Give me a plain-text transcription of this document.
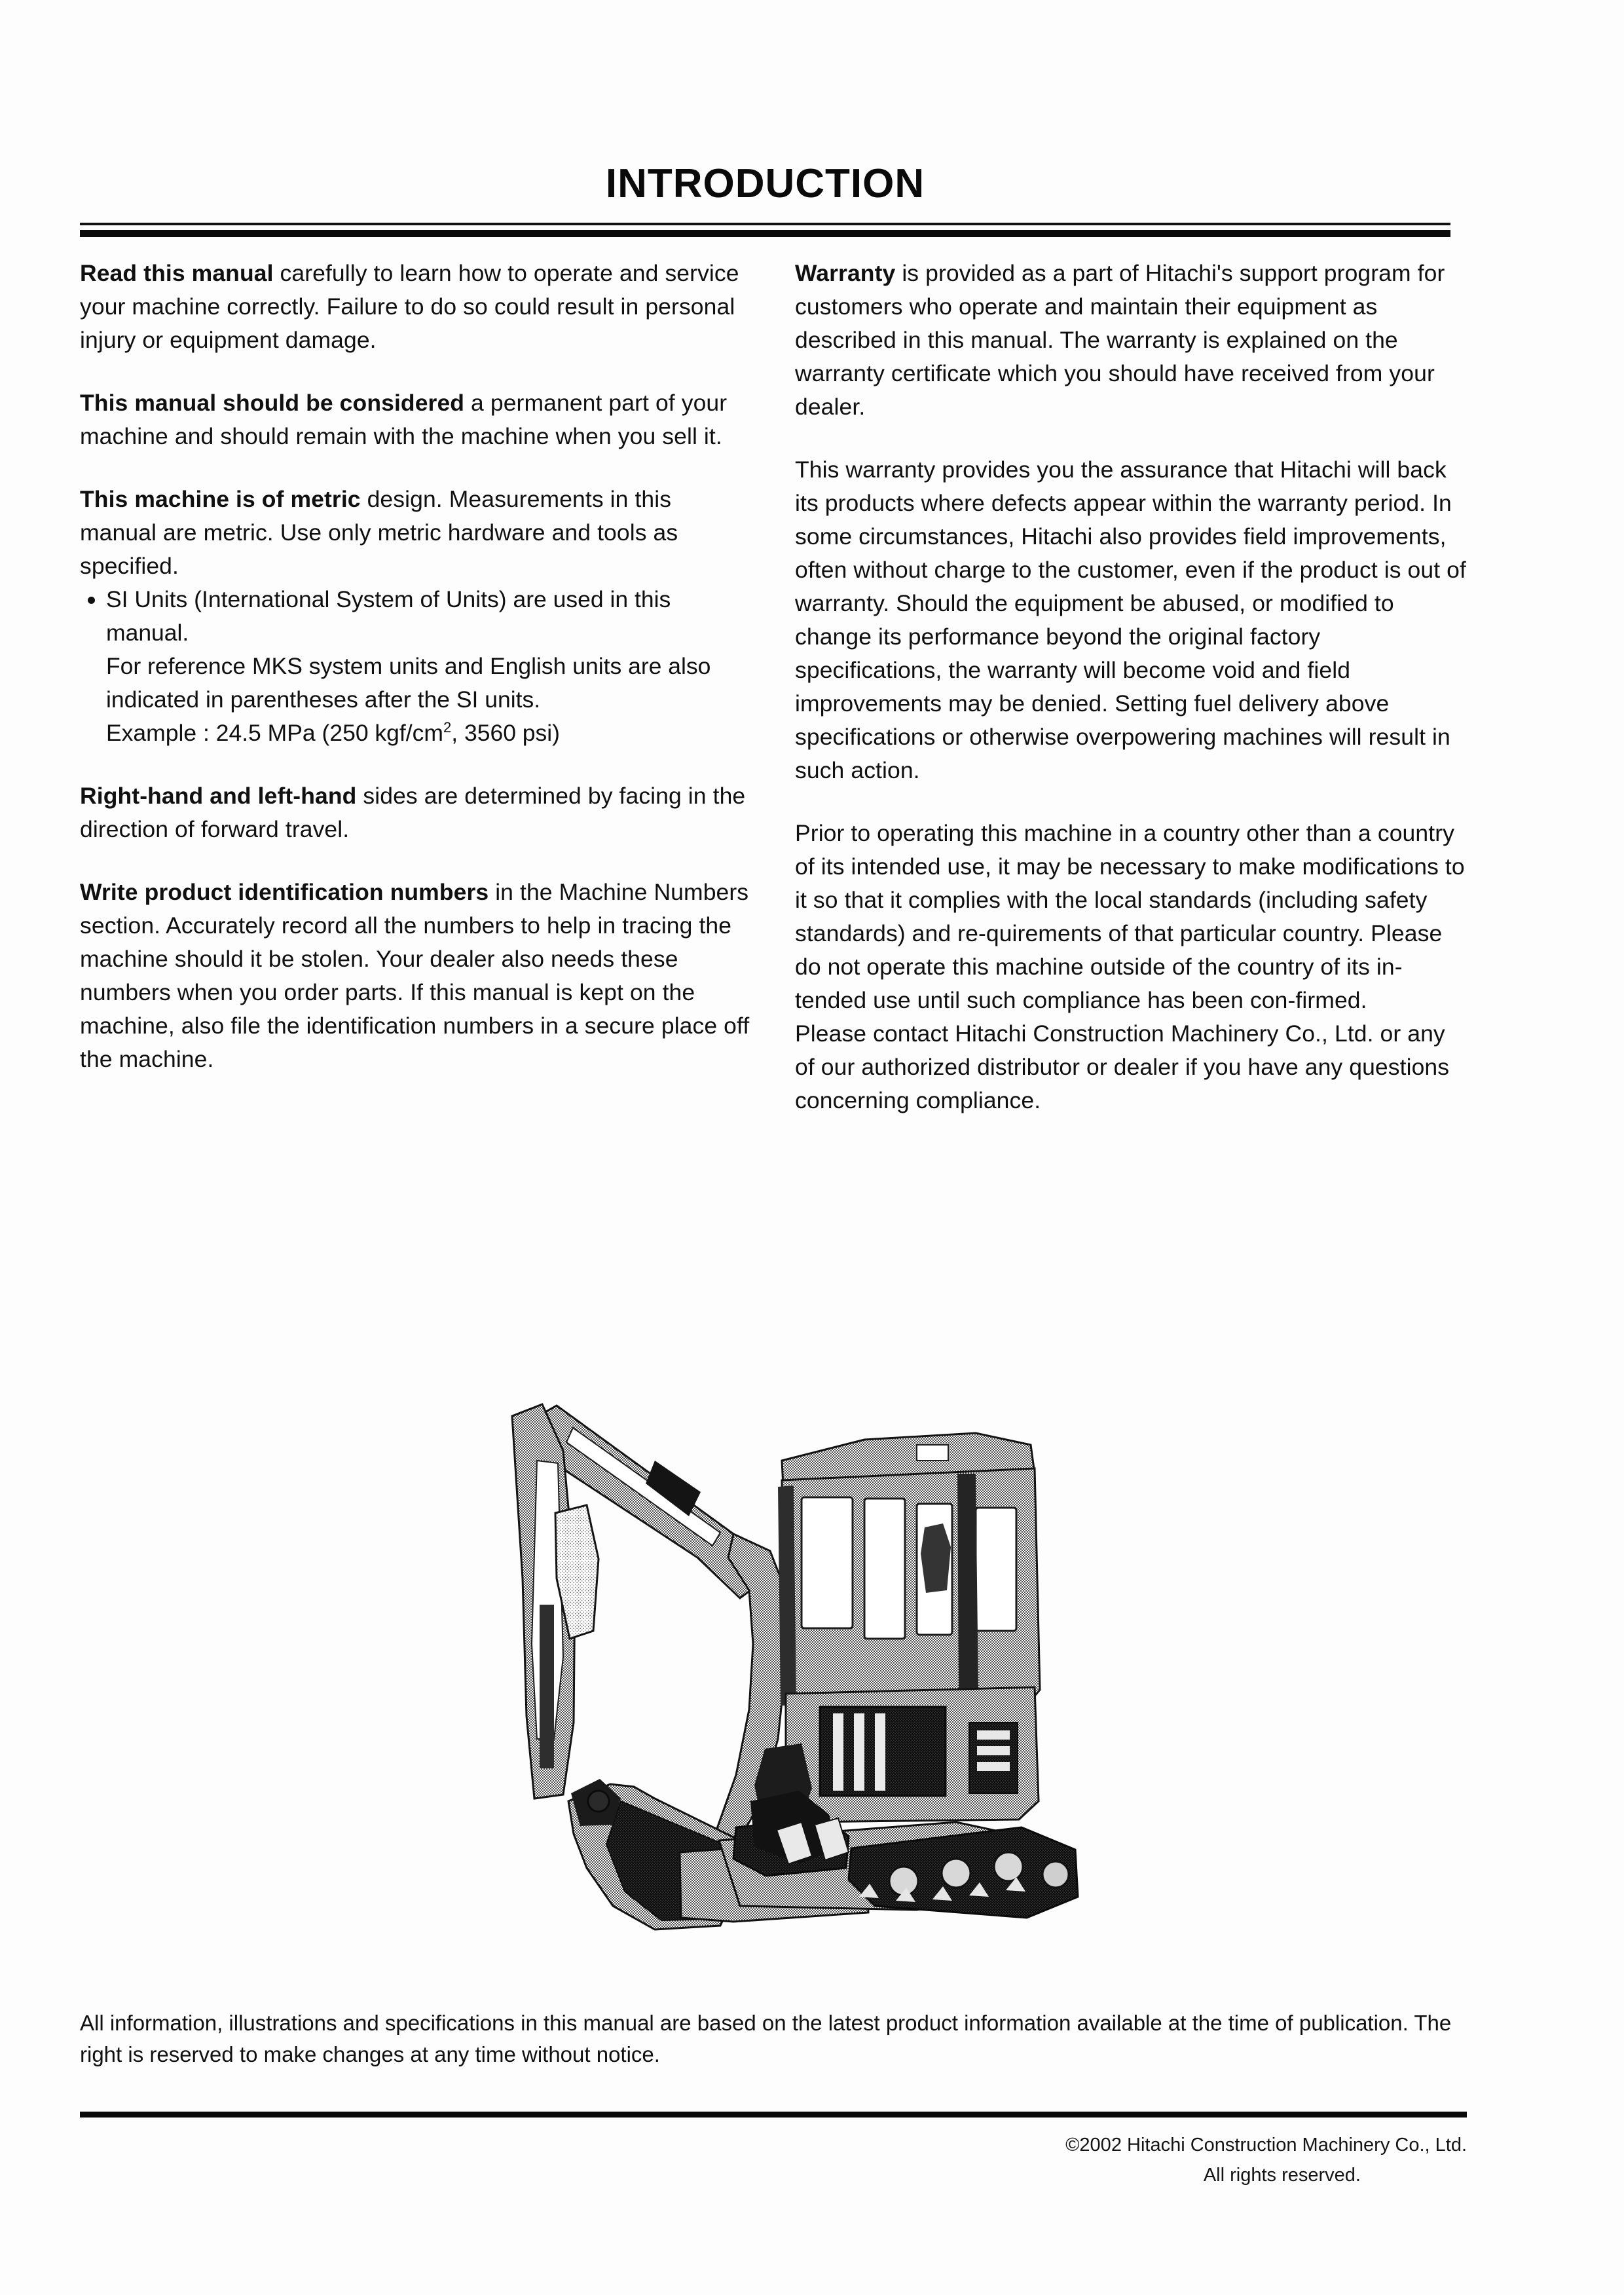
INTRODUCTION

Read this manual carefully to learn how to operate and service your machine correctly. Failure to do so could result in personal injury or equipment damage.

This manual should be considered a permanent part of your machine and should remain with the machine when you sell it.

This machine is of metric design. Measurements in this manual are metric. Use only metric hardware and tools as specified.

SI Units (International System of Units) are used in this manual.
For reference MKS system units and English units are also indicated in parentheses after the SI units.
Example : 24.5 MPa (250 kgf/$cm^2$, 3560 psi)

Right-hand and left-hand sides are determined by facing in the direction of forward travel.

Write product identification numbers in the Machine Numbers section. Accurately record all the numbers to help in tracing the machine should it be stolen. Your dealer also needs these numbers when you order parts. If this manual is kept on the machine, also file the identification numbers in a secure place off the machine.

Warranty is provided as a part of Hitachi's support program for customers who operate and maintain their equipment as described in this manual. The warranty is explained on the warranty certificate which you should have received from your dealer.

This warranty provides you the assurance that Hitachi will back its products where defects appear within the warranty period. In some circumstances, Hitachi also provides field improvements, often without charge to the customer, even if the product is out of warranty. Should the equipment be abused, or modified to change its performance beyond the original factory specifications, the warranty will become void and field improvements may be denied. Setting fuel delivery above specifications or otherwise overpowering machines will result in such action.

Prior to operating this machine in a country other than a country of its intended use, it may be necessary to make modifications to it so that it complies with the local standards (including safety standards) and re-quirements of that particular country. Please do not operate this machine outside of the country of its in-tended use until such compliance has been con-firmed.

Please contact Hitachi Construction Machinery Co., Ltd. or any of our authorized distributor or dealer if you have any questions concerning compliance.

All information, illustrations and specifications in this manual are based on the latest product information available at the time of publication. The right is reserved to make changes at any time without notice.
©2002 Hitachi Construction Machinery Co., Ltd.
All rights reserved.
